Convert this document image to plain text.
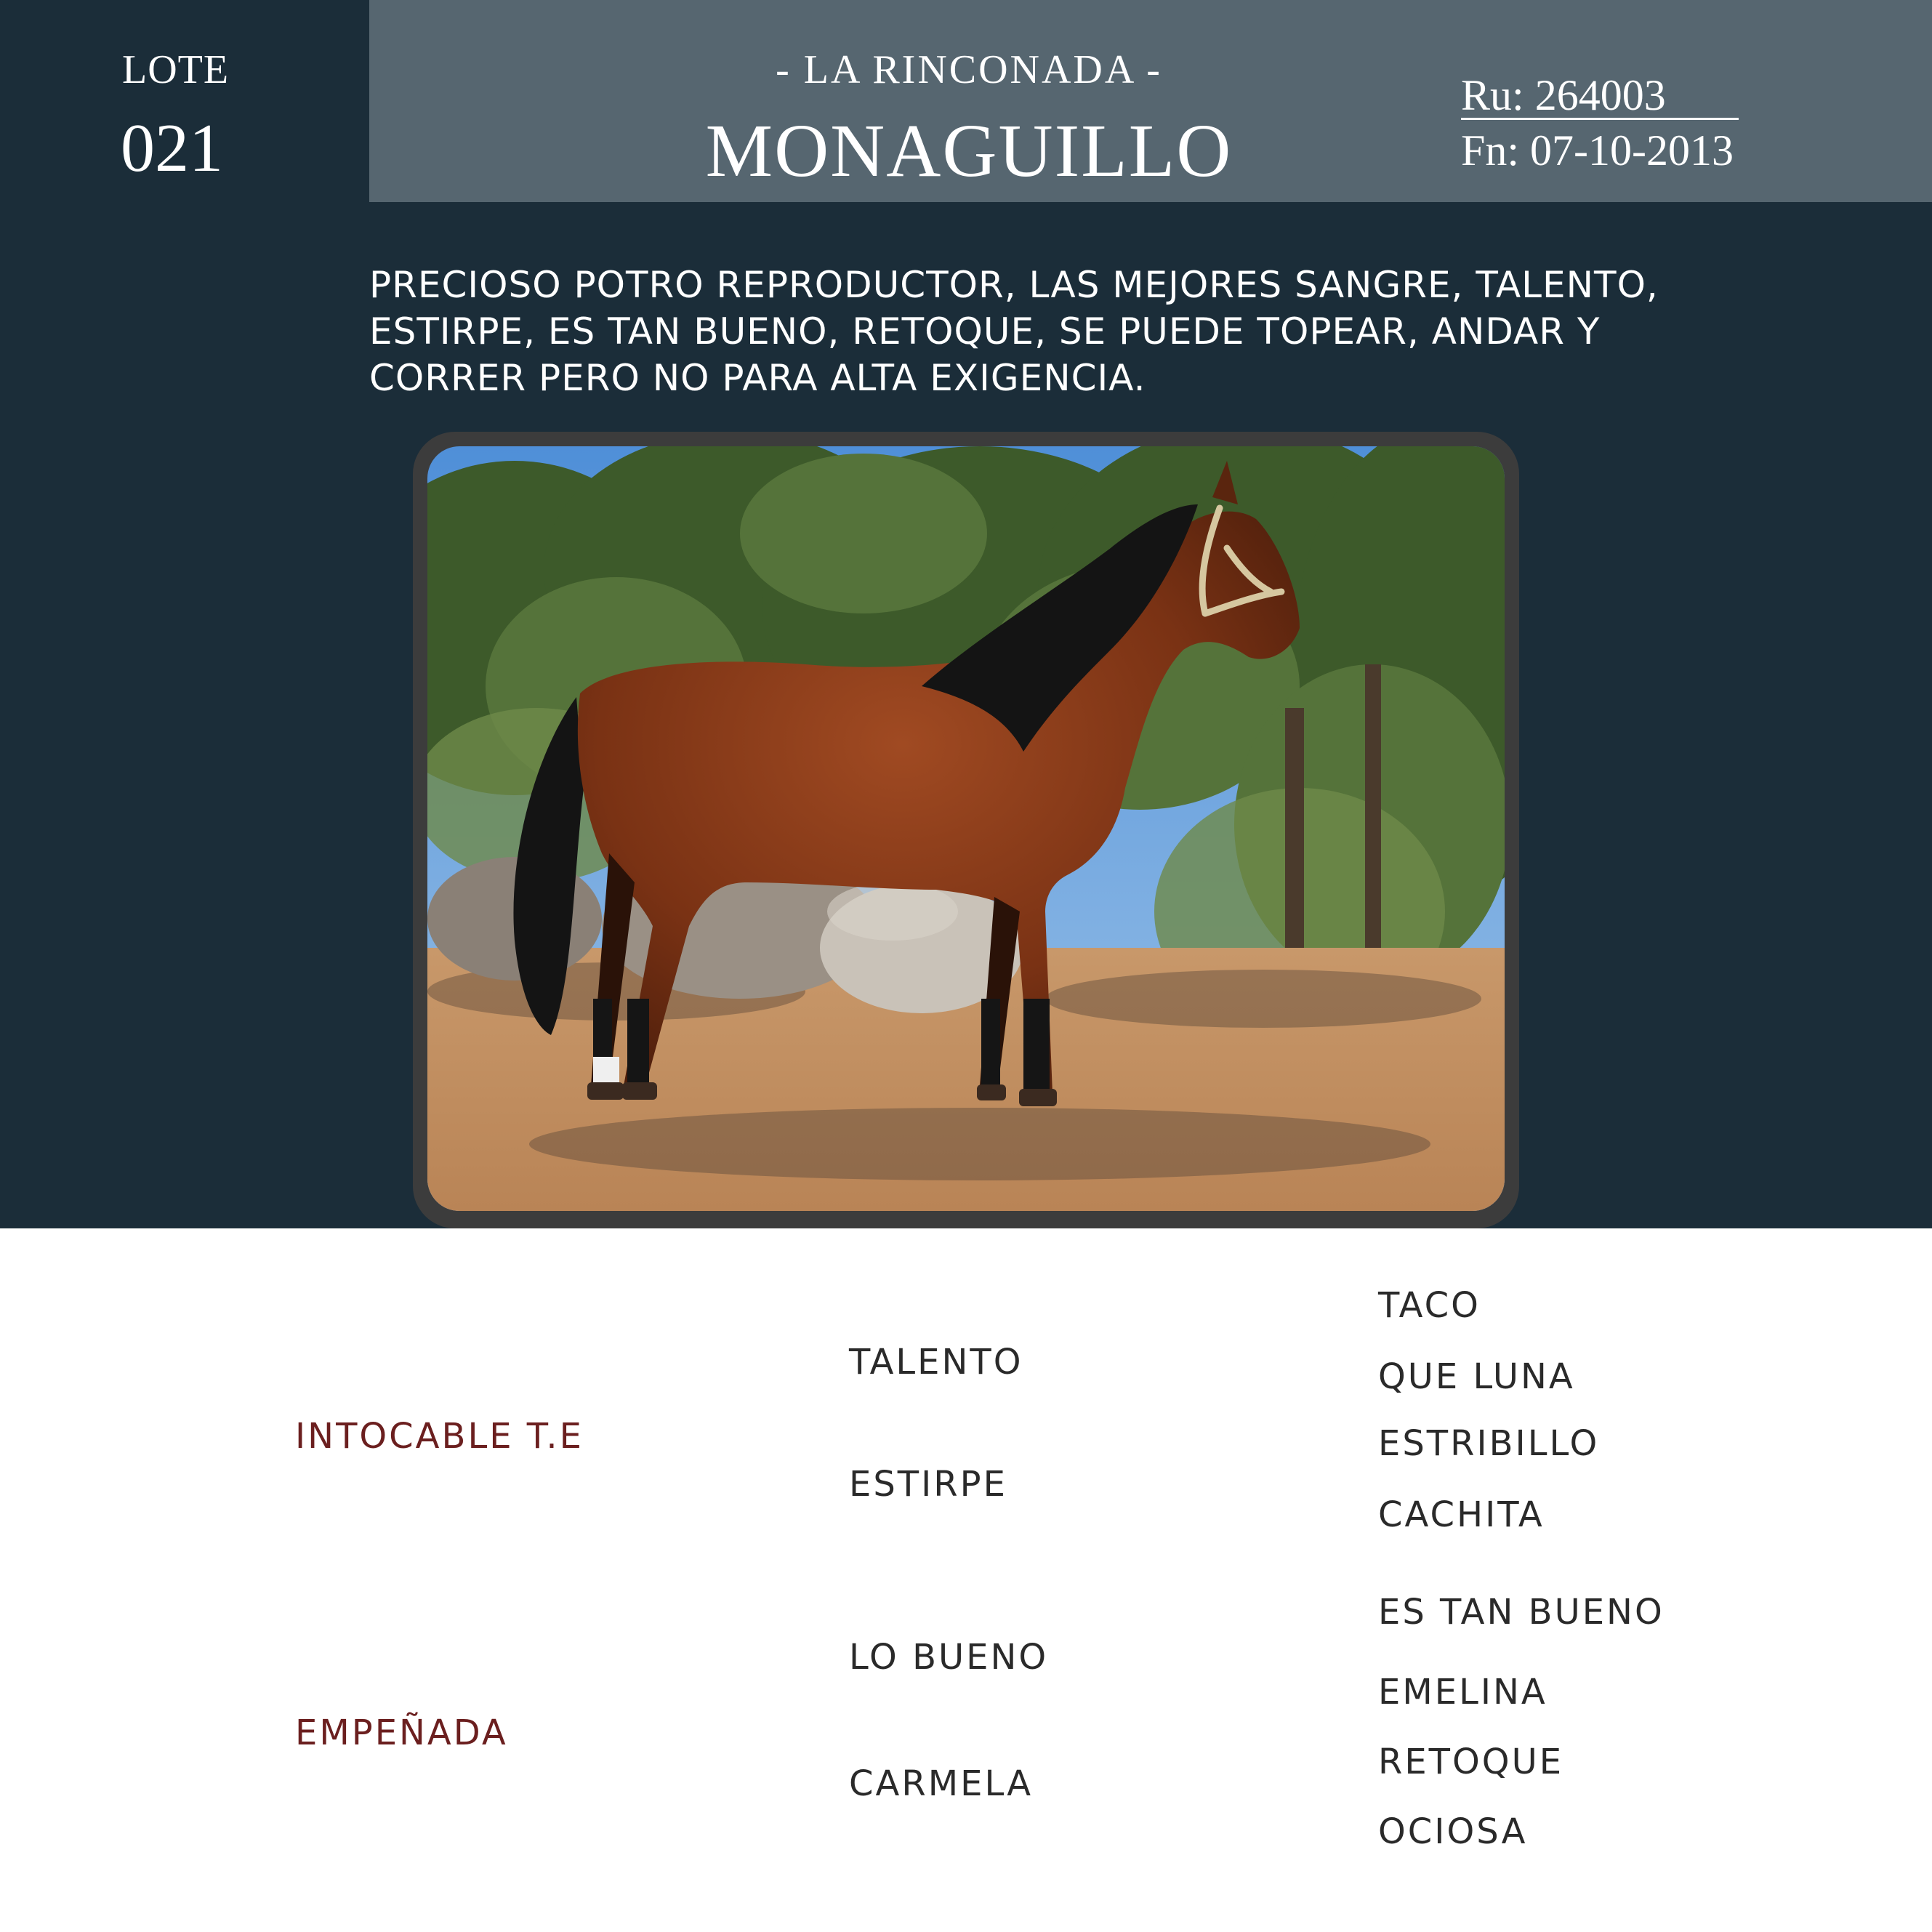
LOTE
021
- LA RINCONADA -
MONAGUILLO
Ru: 264003
Fn: 07-10-2013
PRECIOSO POTRO REPRODUCTOR, LAS MEJORES SANGRE, TALENTO, ESTIRPE, ES TAN BUENO, RETOQUE, SE PUEDE TOPEAR, ANDAR Y CORRER PERO NO PARA ALTA EXIGENCIA.
INTOCABLE T.E
EMPEÑADA
TALENTO
ESTIRPE
LO BUENO
CARMELA
TACO
QUE LUNA
ESTRIBILLO
CACHITA
ES TAN BUENO
EMELINA
RETOQUE
OCIOSA
